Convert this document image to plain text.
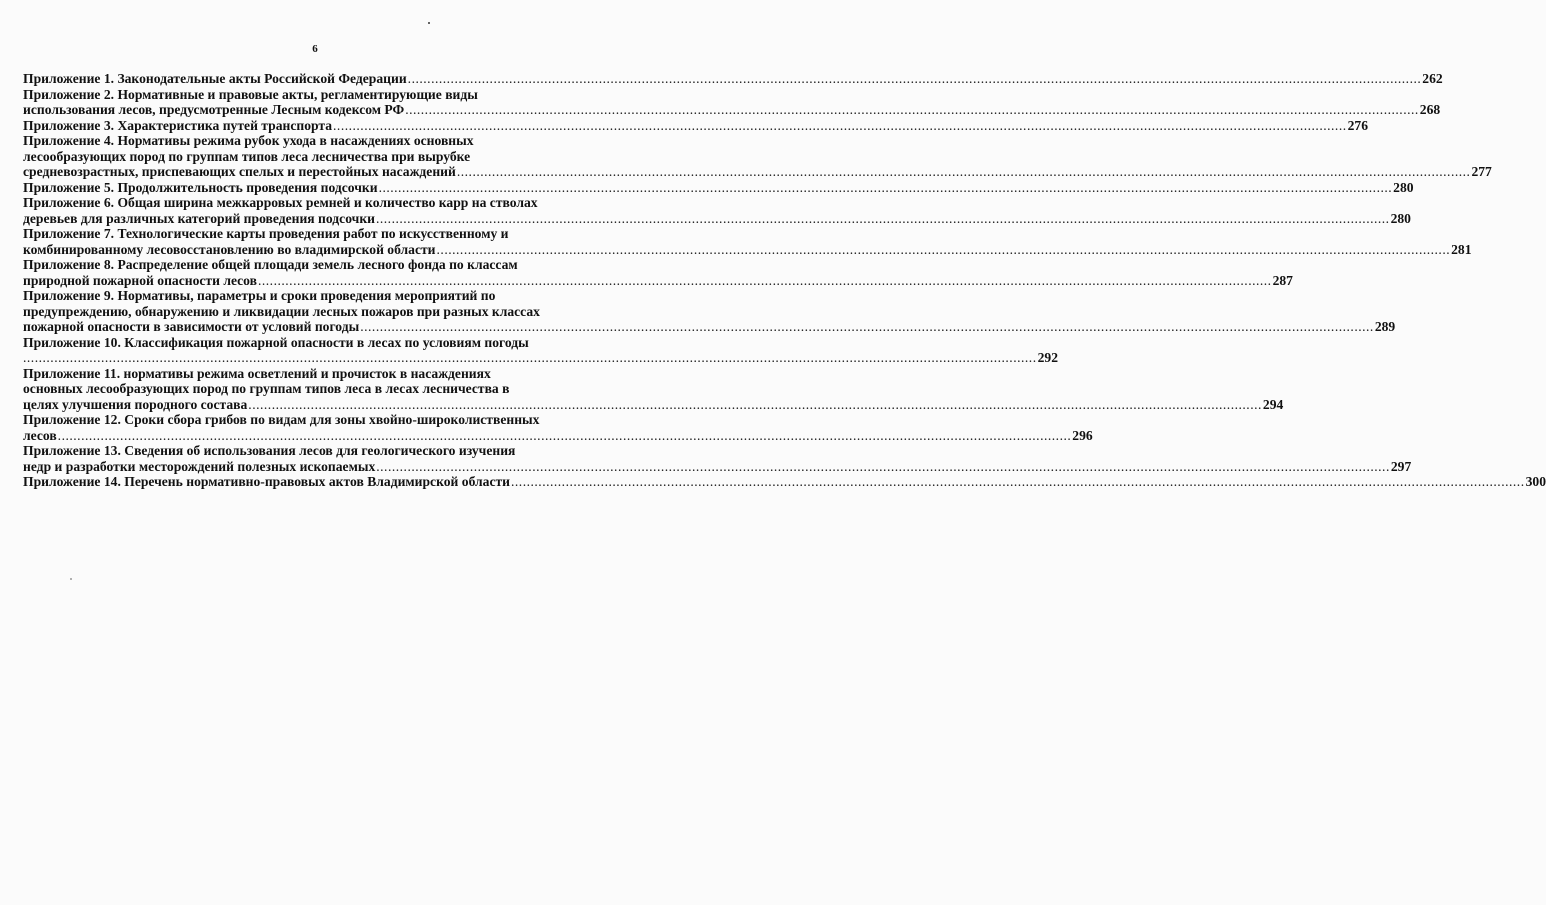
6
Приложение 1. Законодательные акты Российской Федерации .................................................................................................................................................................................................................................................................... 262
Приложение 2. Нормативные и правовые акты, регламентирующие виды
использования лесов, предусмотренные Лесным кодексом РФ .................................................................................................................................................................................................................................................................... 268
Приложение 3. Характеристика путей транспорта .................................................................................................................................................................................................................................................................... 276
Приложение 4. Нормативы режима рубок ухода в насаждениях основных
лесообразующих пород по группам типов леса лесничества при вырубке
средневозрастных, приспевающих спелых и перестойных насаждений .................................................................................................................................................................................................................................................................... 277
Приложение 5. Продолжительность проведения подсочки .................................................................................................................................................................................................................................................................... 280
Приложение 6. Общая ширина межкарровых ремней и количество карр на стволах
деревьев для различных категорий проведения подсочки .................................................................................................................................................................................................................................................................... 280
Приложение 7. Технологические карты проведения работ по искусственному и
комбинированному лесовосстановлению во владимирской области .................................................................................................................................................................................................................................................................... 281
Приложение 8. Распределение общей площади земель лесного фонда по классам
природной пожарной опасности лесов .................................................................................................................................................................................................................................................................... 287
Приложение 9. Нормативы, параметры и сроки проведения мероприятий по
предупреждению, обнаружению и ликвидации лесных пожаров при разных классах
пожарной опасности в зависимости от условий погоды .................................................................................................................................................................................................................................................................... 289
Приложение 10. Классификация пожарной опасности в лесах по условиям погоды
.................................................................................................................................................................................................................................................................... 292
Приложение 11. нормативы режима осветлений и прочисток в насаждениях
основных лесообразующих пород по группам типов леса в лесах лесничества в
целях улучшения породного состава .................................................................................................................................................................................................................................................................... 294
Приложение 12. Сроки сбора грибов по видам для зоны хвойно-широколиственных
лесов .................................................................................................................................................................................................................................................................... 296
Приложение 13. Сведения об использования лесов для геологического изучения
недр и разработки месторождений полезных ископаемых .................................................................................................................................................................................................................................................................... 297
Приложение 14. Перечень нормативно-правовых актов Владимирской области .................................................................................................................................................................................................................................................................... 300
